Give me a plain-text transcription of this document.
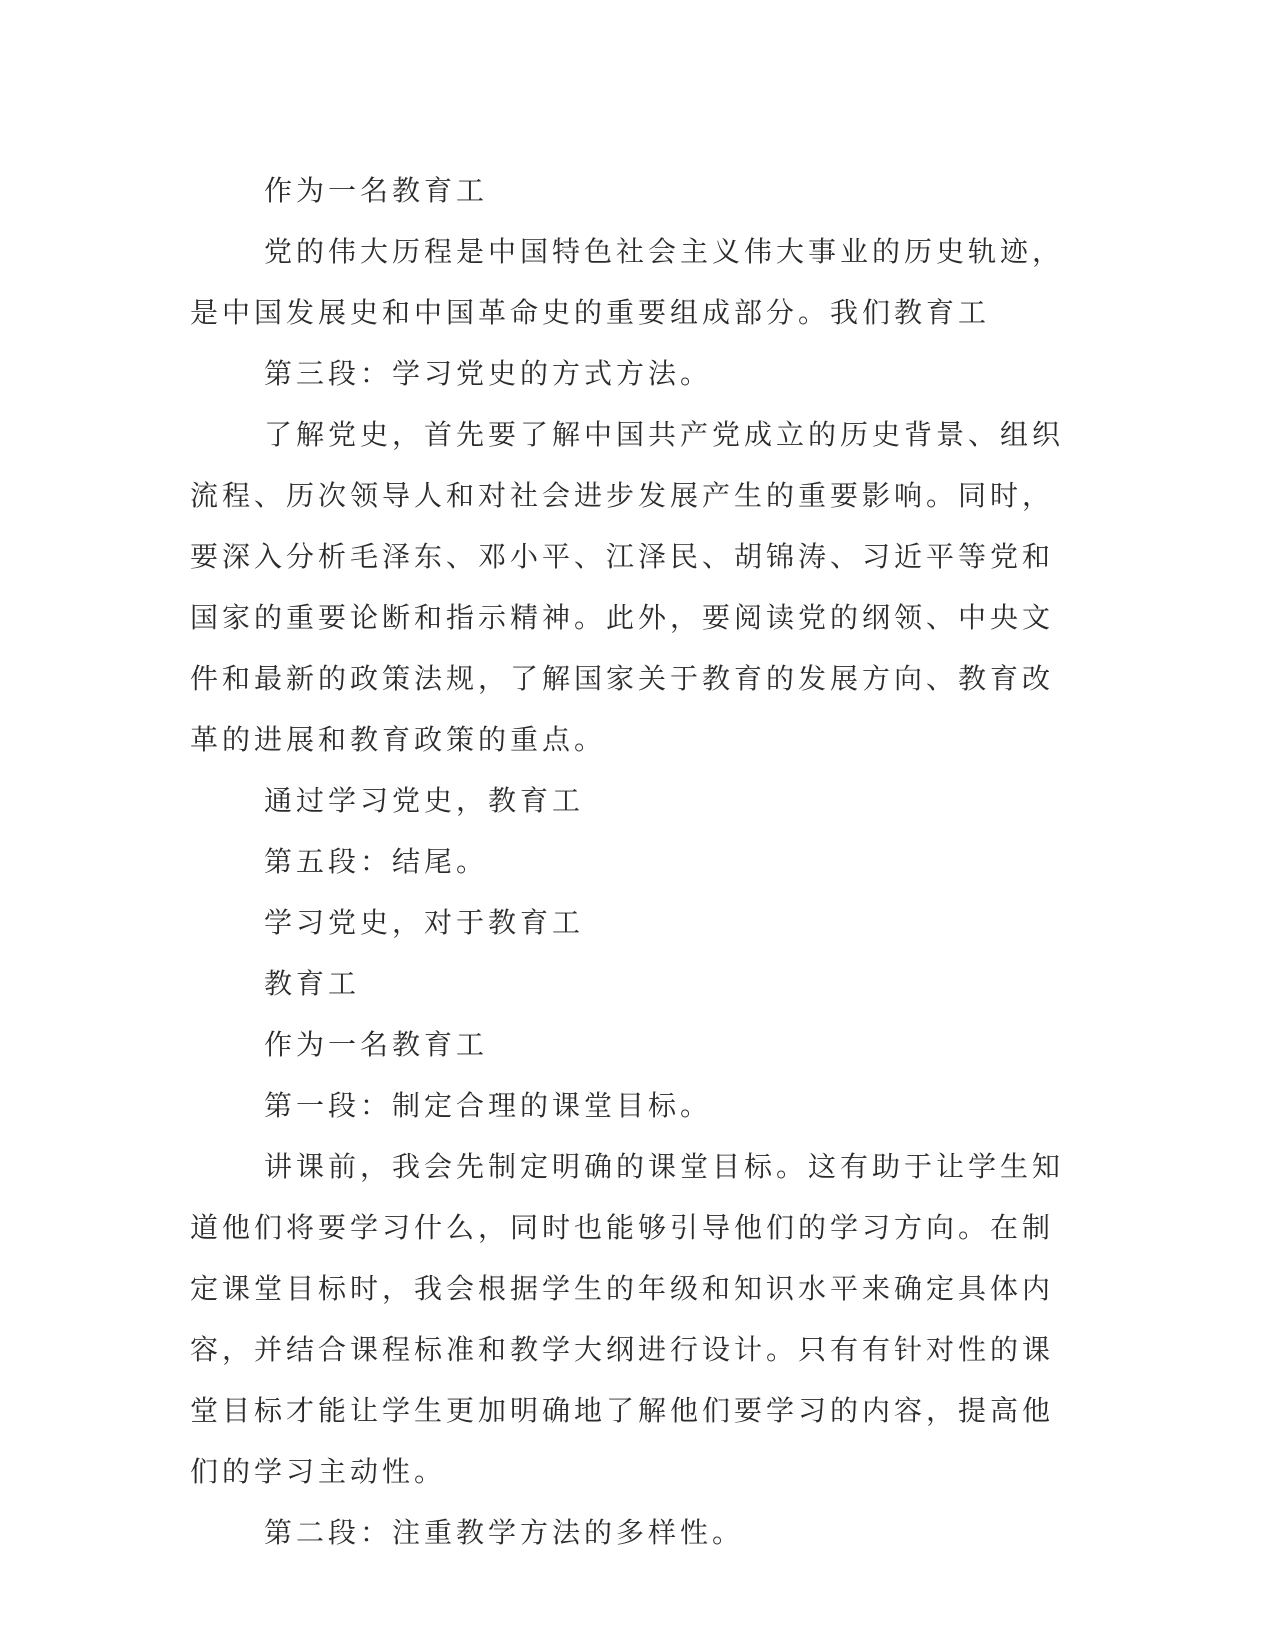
作为一名教育工

党的伟大历程是中国特色社会主义伟大事业的历史轨迹，是中国发展史和中国革命史的重要组成部分。我们教育工

第三段：学习党史的方式方法。

了解党史，首先要了解中国共产党成立的历史背景、组织流程、历次领导人和对社会进步发展产生的重要影响。同时，要深入分析毛泽东、邓小平、江泽民、胡锦涛、习近平等党和国家的重要论断和指示精神。此外，要阅读党的纲领、中央文件和最新的政策法规，了解国家关于教育的发展方向、教育改革的进展和教育政策的重点。

通过学习党史，教育工

第五段：结尾。

学习党史，对于教育工

教育工

作为一名教育工

第一段：制定合理的课堂目标。

讲课前，我会先制定明确的课堂目标。这有助于让学生知道他们将要学习什么，同时也能够引导他们的学习方向。在制定课堂目标时，我会根据学生的年级和知识水平来确定具体内容，并结合课程标准和教学大纲进行设计。只有有针对性的课堂目标才能让学生更加明确地了解他们要学习的内容，提高他们的学习主动性。

第二段：注重教学方法的多样性。
